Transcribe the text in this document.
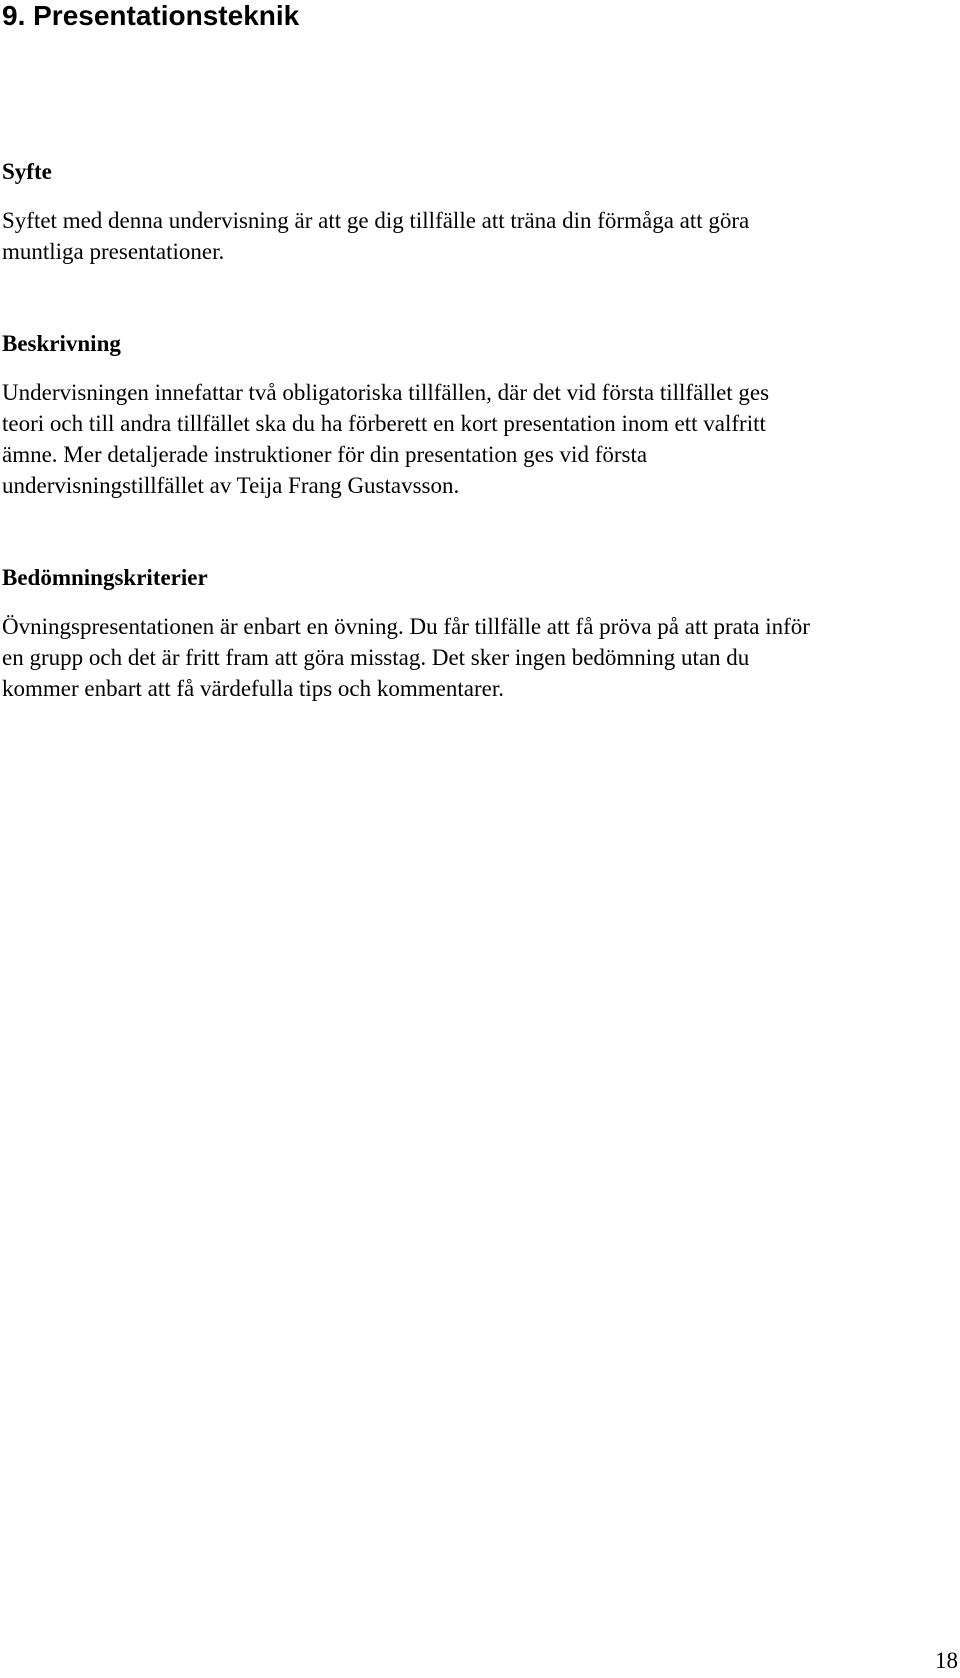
9. Presentationsteknik
Syfte

Syftet med denna undervisning är att ge dig tillfälle att träna din förmåga att göra
muntliga presentationer.

Beskrivning

Undervisningen innefattar två obligatoriska tillfällen, där det vid första tillfället ges
teori och till andra tillfället ska du ha förberett en kort presentation inom ett valfritt
ämne. Mer detaljerade instruktioner för din presentation ges vid första
undervisningstillfället av Teija Frang Gustavsson.

Bedömningskriterier

Övningspresentationen är enbart en övning. Du får tillfälle att få pröva på att prata inför
en grupp och det är fritt fram att göra misstag. Det sker ingen bedömning utan du
kommer enbart att få värdefulla tips och kommentarer.

18
